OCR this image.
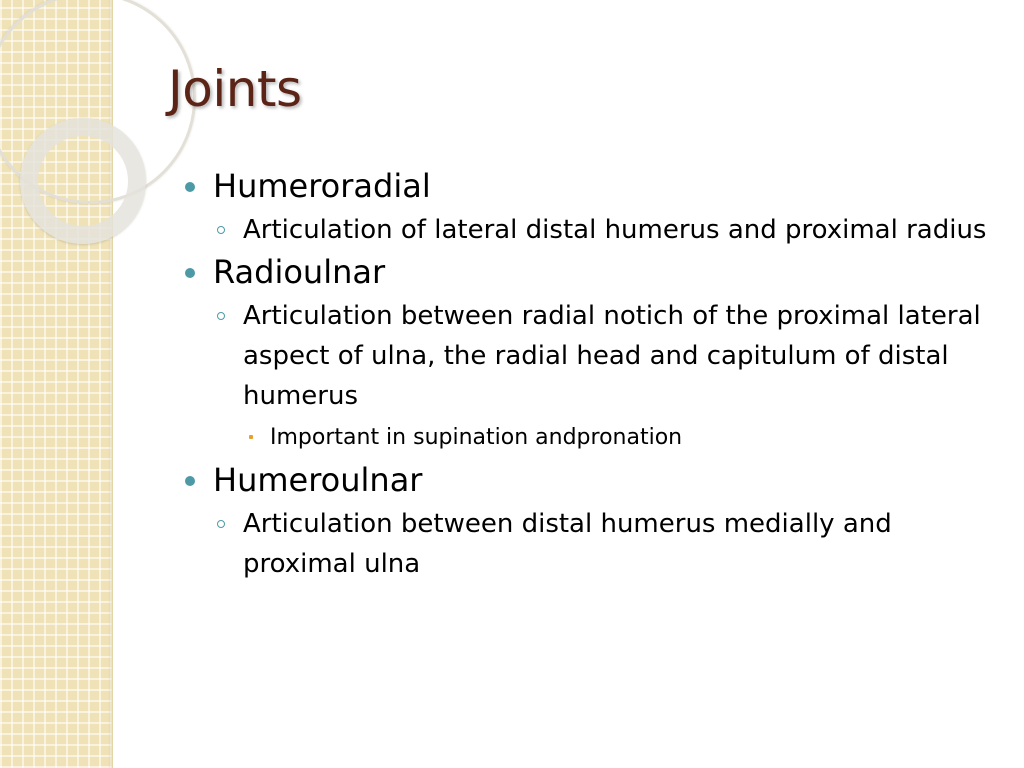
Joints
Humeroradial
Articulation of lateral distal humerus and proximal radius
Radioulnar
Articulation between radial notich of the proximal lateral aspect of ulna, the radial head and capitulum of distal humerus
Important in supination andpronation
Humeroulnar
Articulation between distal humerus medially and proximal ulna
